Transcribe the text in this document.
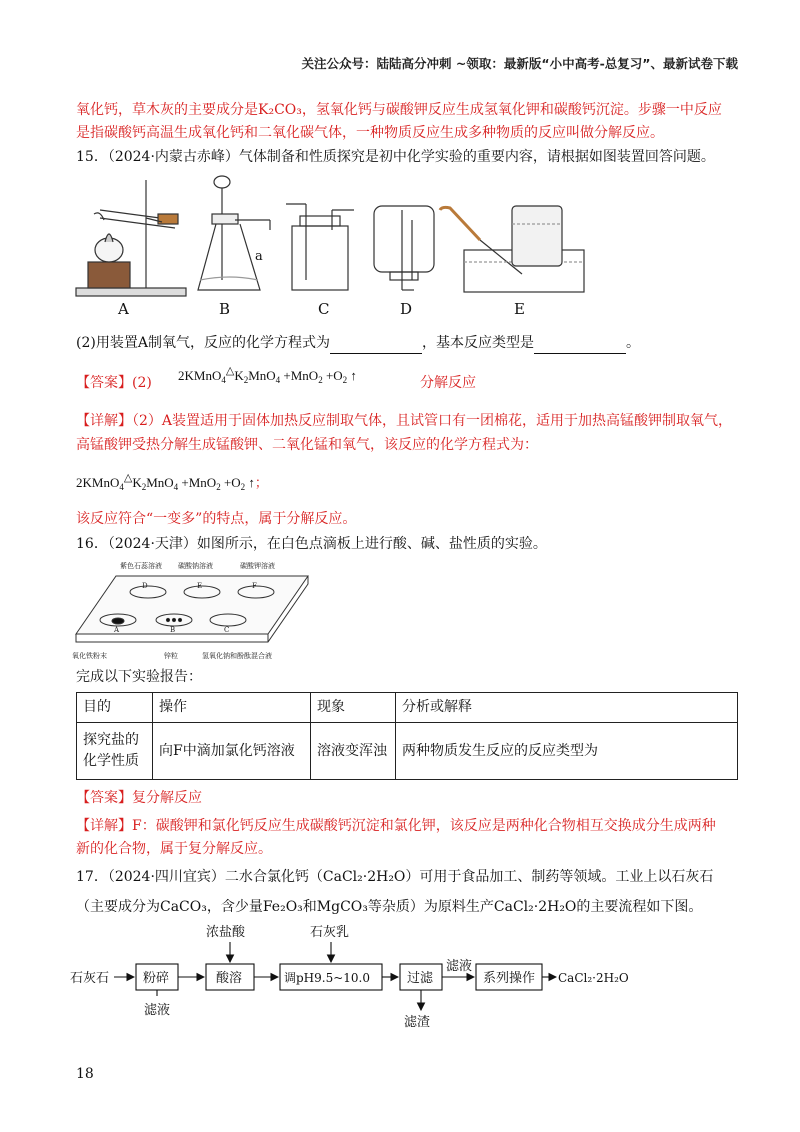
关注公众号：陆陆高分冲刺 ~领取：最新版“小中高考-总复习”、最新试卷下载
氧化钙，草木灰的主要成分是K₂CO₃，氢氧化钙与碳酸钾反应生成氢氧化钾和碳酸钙沉淀。步骤一中反应
是指碳酸钙高温生成氧化钙和二氧化碳气体，一种物质反应生成多种物质的反应叫做分解反应。
15．（2024·内蒙古赤峰）气体制备和性质探究是初中化学实验的重要内容，请根据如图装置回答问题。
a
A	B	C	D	E
(2)用装置A制氧气，反应的化学方程式为	，基本反应类型是	。
【答案】(2) $2KMnO_4^\triangle K_2MnO_4 +MnO_2 +O_2$ ↑	分解反应
【详解】（2）A装置适用于固体加热反应制取气体，且试管口有一团棉花，适用于加热高锰酸钾制取氧气，
高锰酸钾受热分解生成锰酸钾、二氧化锰和氧气，该反应的化学方程式为：
$2KMnO_4^\triangle K_2MnO_4 +MnO_2 +O_2$ ↑；
该反应符合“一变多”的特点，属于分解反应。
16．（2024·天津）如图所示，在白色点滴板上进行酸、碱、盐性质的实验。
紫色石蕊溶液 碳酸钠溶液	碳酸钾溶液
D	E	F
A	B	C
氧化铁粉末	锌粒	氢氧化钠和酚酞混合液
完成以下实验报告：
目的	操作	现象	分析或解释
探究盐的化学性质	向F中滴加氯化钙溶液	溶液变浑浊	两种物质发生反应的反应类型为
【答案】复分解反应
【详解】F：碳酸钾和氯化钙反应生成碳酸钙沉淀和氯化钾，该反应是两种化合物相互交换成分生成两种
新的化合物，属于复分解反应。
17．（2024·四川宜宾）二水合氯化钙（CaCl₂·2H₂O）可用于食品加工、制药等领域。工业上以石灰石
（主要成分为CaCO₃，含少量Fe₂O₃和MgCO₃等杂质）为原料生产CaCl₂·2H₂O的主要流程如下图。
石灰石	粉碎	酸溶	调pH9.5~10.0	过滤	系列操作 CaCl₂·2H₂O
浓盐酸	石灰乳
滤液
滤渣
滤液
18
